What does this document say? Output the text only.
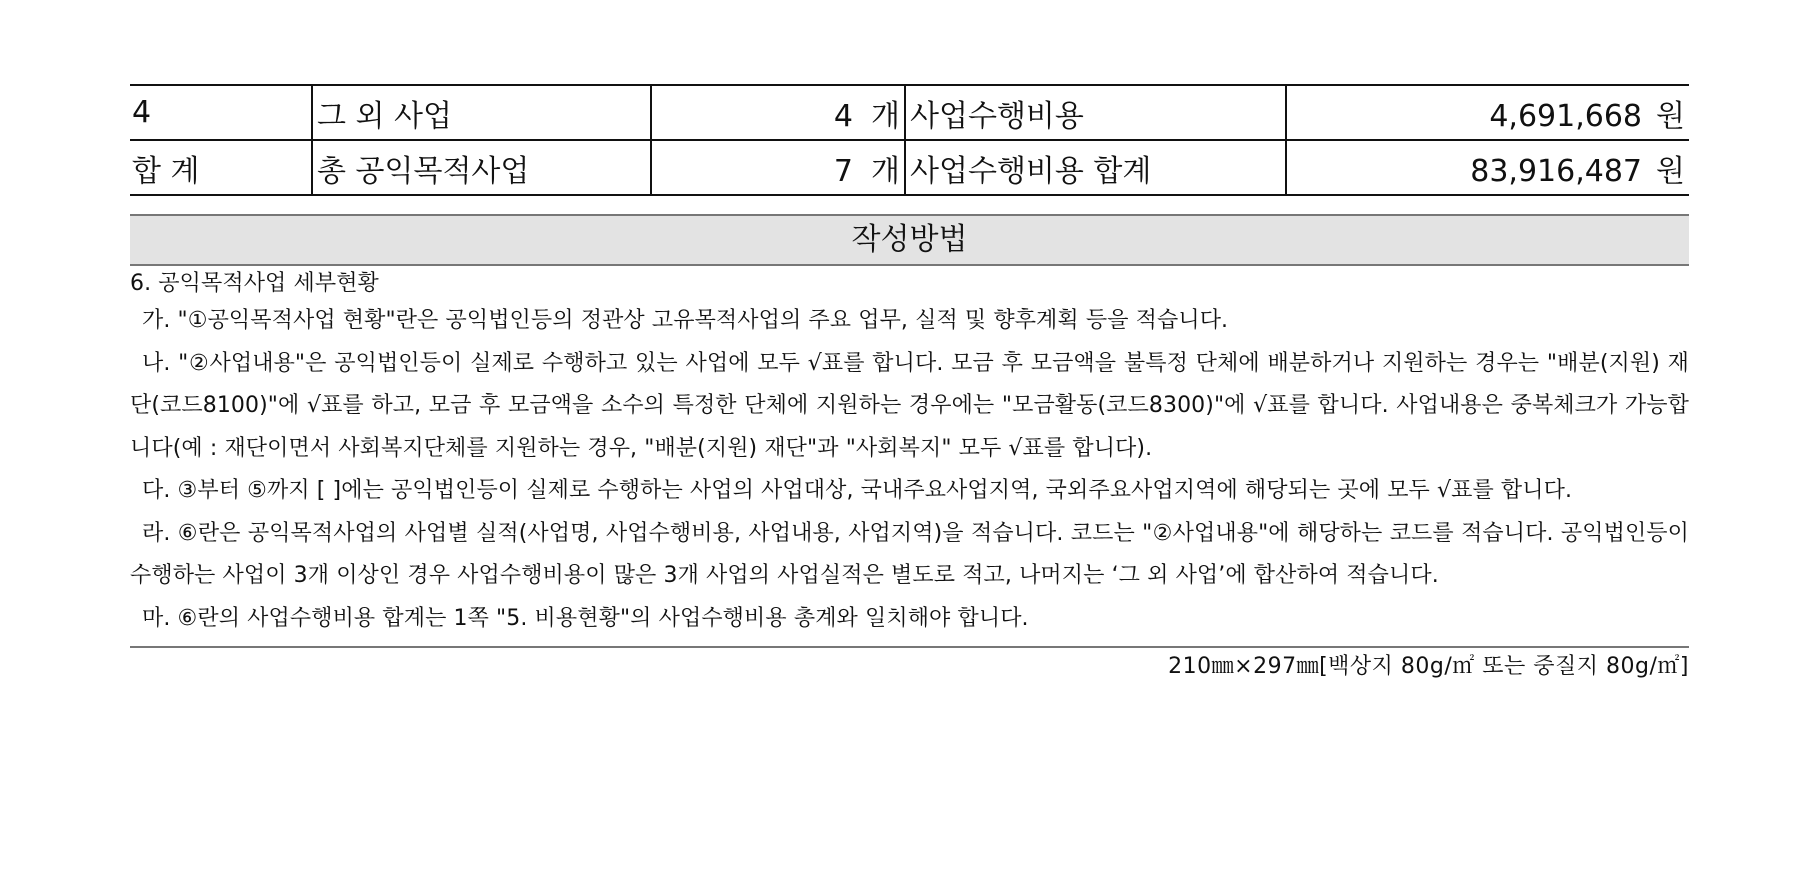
4	그 외 사업	4 개	사업수행비용	4,691,668 원
합 계	총 공익목적사업	7 개	사업수행비용 합계	83,916,487 원
작성방법
6. 공익목적사업 세부현황
가. "①공익목적사업 현황"란은 공익법인등의 정관상 고유목적사업의 주요 업무, 실적 및 향후계획 등을 적습니다.
나. "②사업내용"은 공익법인등이 실제로 수행하고 있는 사업에 모두 √표를 합니다. 모금 후 모금액을 불특정 단체에 배분하거나 지원하는 경우는 "배분(지원) 재단(코드8100)"에 √표를 하고, 모금 후 모금액을 소수의 특정한 단체에 지원하는 경우에는 "모금활동(코드8300)"에 √표를 합니다. 사업내용은 중복체크가 가능합니다(예 : 재단이면서 사회복지단체를 지원하는 경우, "배분(지원) 재단"과 "사회복지" 모두 √표를 합니다).
다. ③부터 ⑤까지 [ ]에는 공익법인등이 실제로 수행하는 사업의 사업대상, 국내주요사업지역, 국외주요사업지역에 해당되는 곳에 모두 √표를 합니다.
라. ⑥란은 공익목적사업의 사업별 실적(사업명, 사업수행비용, 사업내용, 사업지역)을 적습니다. 코드는 "②사업내용"에 해당하는 코드를 적습니다. 공익법인등이 수행하는 사업이 3개 이상인 경우 사업수행비용이 많은 3개 사업의 사업실적은 별도로 적고, 나머지는 ‘그 외 사업’에 합산하여 적습니다.
마. ⑥란의 사업수행비용 합계는 1쪽 "5. 비용현황"의 사업수행비용 총계와 일치해야 합니다.
210㎜×297㎜[백상지 80g/㎡ 또는 중질지 80g/㎡]
